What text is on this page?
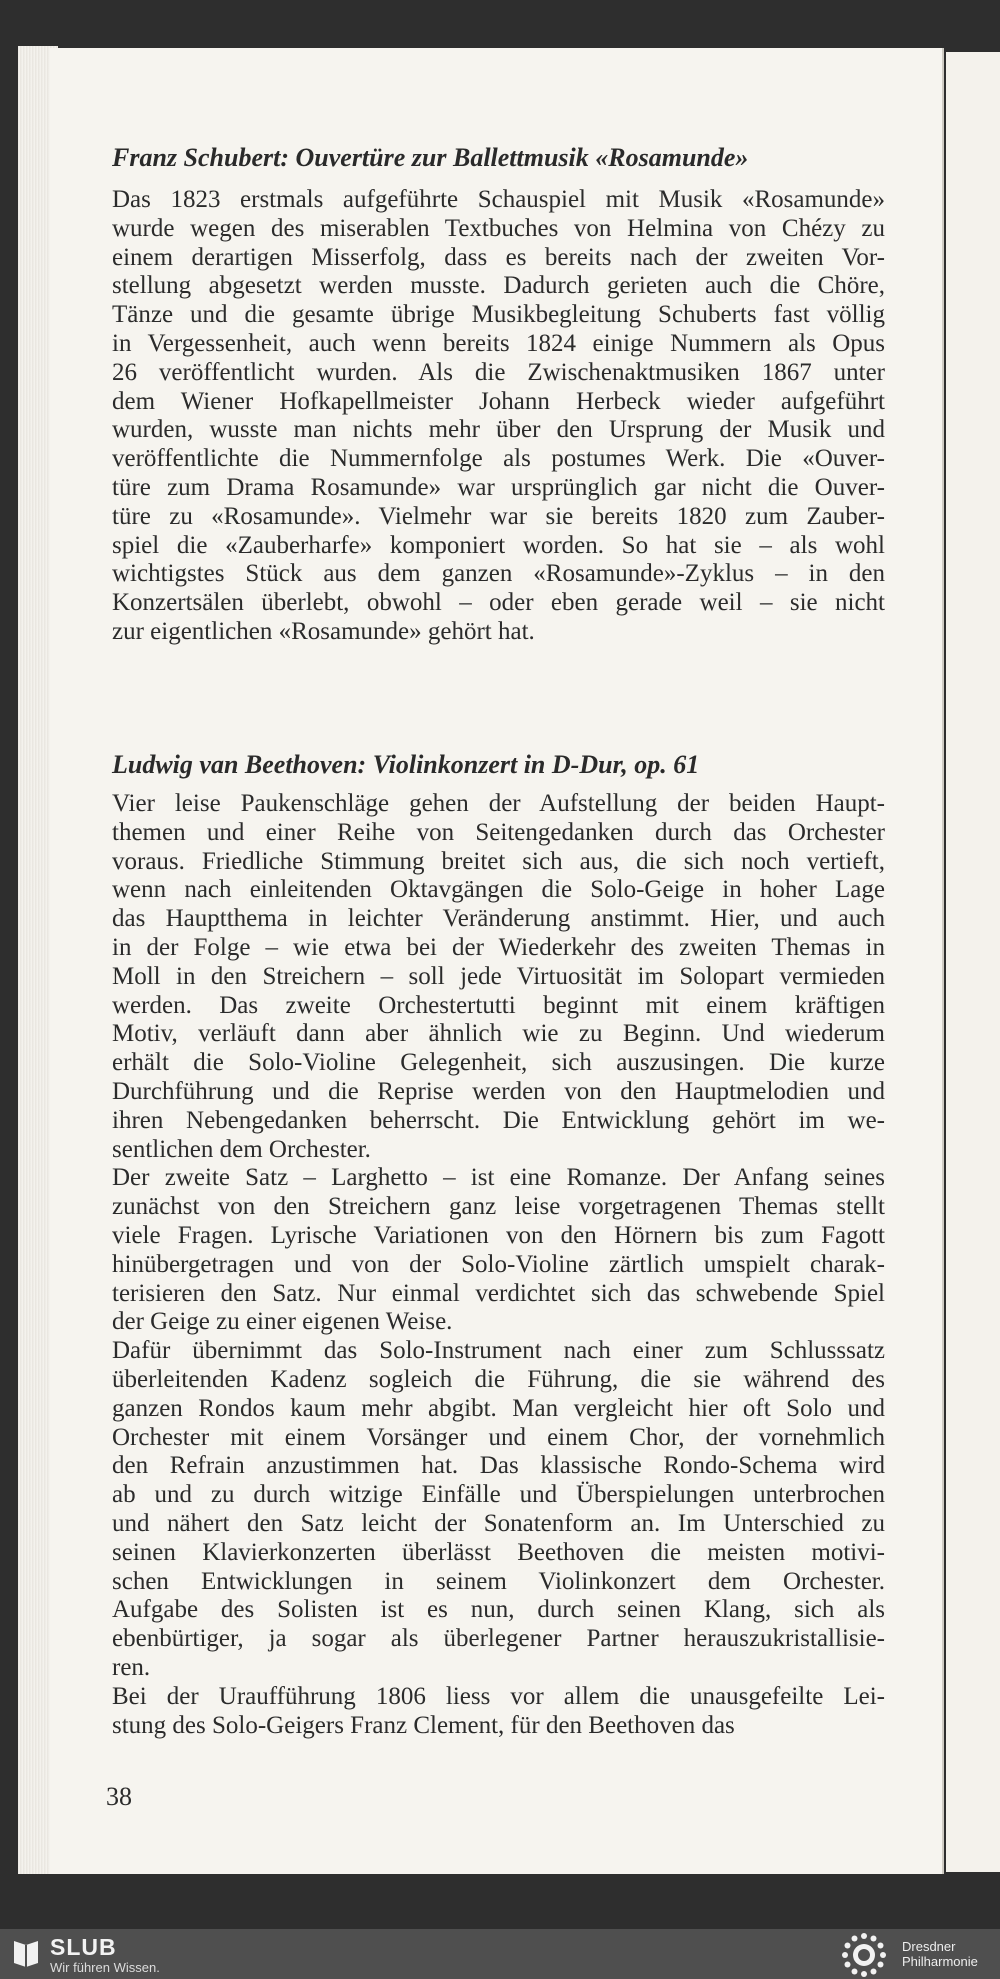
Franz Schubert: Ouvertüre zur Ballettmusik «Rosamunde»
Das 1823 erstmals aufgeführte Schauspiel mit Musik «Rosamunde»
wurde wegen des miserablen Textbuches von Helmina von Chézy zu
einem derartigen Misserfolg, dass es bereits nach der zweiten Vor-
stellung abgesetzt werden musste. Dadurch gerieten auch die Chöre,
Tänze und die gesamte übrige Musikbegleitung Schuberts fast völlig
in Vergessenheit, auch wenn bereits 1824 einige Nummern als Opus
26 veröffentlicht wurden. Als die Zwischenaktmusiken 1867 unter
dem Wiener Hofkapellmeister Johann Herbeck wieder aufgeführt
wurden, wusste man nichts mehr über den Ursprung der Musik und
veröffentlichte die Nummernfolge als postumes Werk. Die «Ouver-
türe zum Drama Rosamunde» war ursprünglich gar nicht die Ouver-
türe zu «Rosamunde». Vielmehr war sie bereits 1820 zum Zauber-
spiel die «Zauberharfe» komponiert worden. So hat sie – als wohl
wichtigstes Stück aus dem ganzen «Rosamunde»-Zyklus – in den
Konzertsälen überlebt, obwohl – oder eben gerade weil – sie nicht
zur eigentlichen «Rosamunde» gehört hat.
Ludwig van Beethoven: Violinkonzert in D-Dur, op. 61
Vier leise Paukenschläge gehen der Aufstellung der beiden Haupt-
themen und einer Reihe von Seitengedanken durch das Orchester
voraus. Friedliche Stimmung breitet sich aus, die sich noch vertieft,
wenn nach einleitenden Oktavgängen die Solo-Geige in hoher Lage
das Hauptthema in leichter Veränderung anstimmt. Hier, und auch
in der Folge – wie etwa bei der Wiederkehr des zweiten Themas in
Moll in den Streichern – soll jede Virtuosität im Solopart vermieden
werden. Das zweite Orchestertutti beginnt mit einem kräftigen
Motiv, verläuft dann aber ähnlich wie zu Beginn. Und wiederum
erhält die Solo-Violine Gelegenheit, sich auszusingen. Die kurze
Durchführung und die Reprise werden von den Hauptmelodien und
ihren Nebengedanken beherrscht. Die Entwicklung gehört im we-
sentlichen dem Orchester.
Der zweite Satz – Larghetto – ist eine Romanze. Der Anfang seines
zunächst von den Streichern ganz leise vorgetragenen Themas stellt
viele Fragen. Lyrische Variationen von den Hörnern bis zum Fagott
hinübergetragen und von der Solo-Violine zärtlich umspielt charak-
terisieren den Satz. Nur einmal verdichtet sich das schwebende Spiel
der Geige zu einer eigenen Weise.
Dafür übernimmt das Solo-Instrument nach einer zum Schlusssatz
überleitenden Kadenz sogleich die Führung, die sie während des
ganzen Rondos kaum mehr abgibt. Man vergleicht hier oft Solo und
Orchester mit einem Vorsänger und einem Chor, der vornehmlich
den Refrain anzustimmen hat. Das klassische Rondo-Schema wird
ab und zu durch witzige Einfälle und Überspielungen unterbrochen
und nähert den Satz leicht der Sonatenform an. Im Unterschied zu
seinen Klavierkonzerten überlässt Beethoven die meisten motivi-
schen Entwicklungen in seinem Violinkonzert dem Orchester.
Aufgabe des Solisten ist es nun, durch seinen Klang, sich als
ebenbürtiger, ja sogar als überlegener Partner herauszukristallisie-
ren.
Bei der Uraufführung 1806 liess vor allem die unausgefeilte Lei-
stung des Solo-Geigers Franz Clement, für den Beethoven das
38
SLUB
Wir führen Wissen.
Dresdner
Philharmonie
